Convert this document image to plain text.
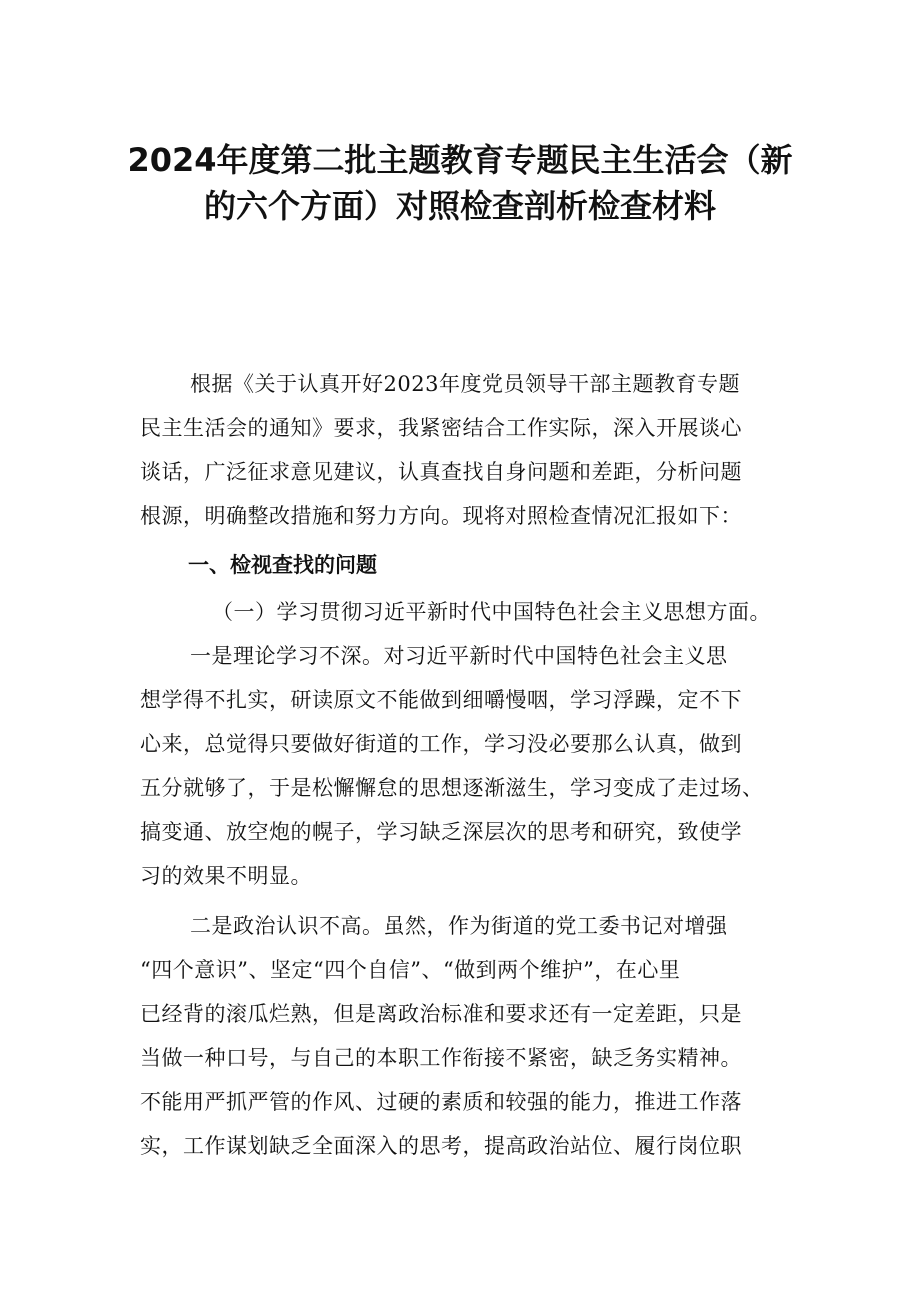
2024年度第二批主题教育专题民主生活会（新
的六个方面）对照检查剖析检查材料
根据《关于认真开好2023年度党员领导干部主题教育专题
民主生活会的通知》要求，我紧密结合工作实际，深入开展谈心
谈话，广泛征求意见建议，认真查找自身问题和差距，分析问题
根源，明确整改措施和努力方向。现将对照检查情况汇报如下：
一、检视查找的问题
（一）学习贯彻习近平新时代中国特色社会主义思想方面。
一是理论学习不深。对习近平新时代中国特色社会主义思
想学得不扎实，研读原文不能做到细嚼慢咽，学习浮躁，定不下
心来，总觉得只要做好街道的工作，学习没必要那么认真，做到
五分就够了，于是松懈懈怠的思想逐渐滋生，学习变成了走过场、
搞变通、放空炮的幌子，学习缺乏深层次的思考和研究，致使学
习的效果不明显。
二是政治认识不高。虽然，作为街道的党工委书记对增强
“四个意识”、坚定“四个自信”、“做到两个维护”，在心里
已经背的滚瓜烂熟，但是离政治标准和要求还有一定差距，只是
当做一种口号，与自己的本职工作衔接不紧密，缺乏务实精神。
不能用严抓严管的作风、过硬的素质和较强的能力，推进工作落
实，工作谋划缺乏全面深入的思考，提高政治站位、履行岗位职
